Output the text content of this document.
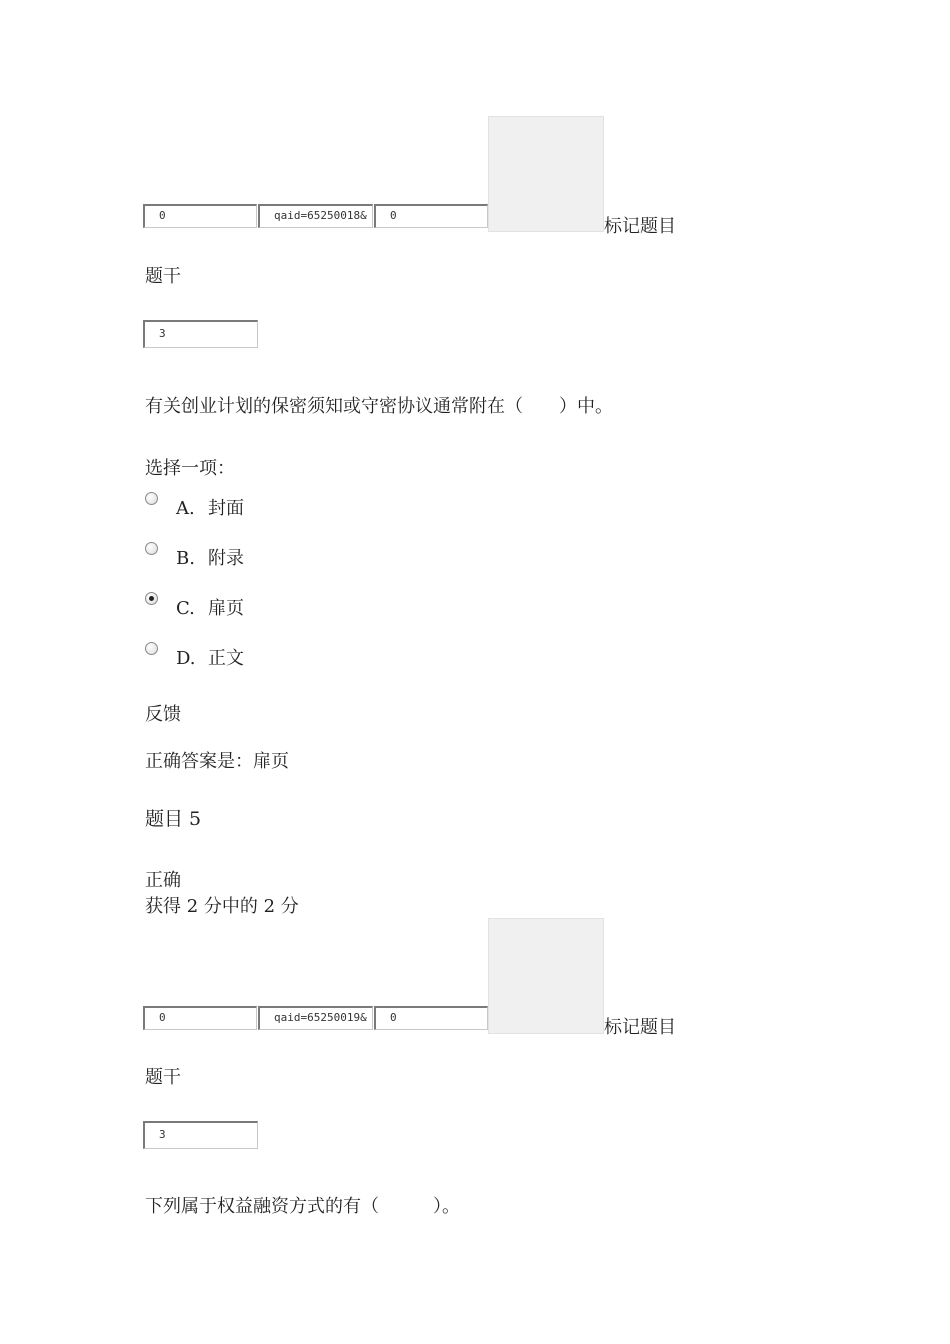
0	qaid=65250018&	0
标记题目
题干
3
有关创业计划的保密须知或守密协议通常附在（　　）中。
选择一项：
A. 封面
B. 附录
C. 扉页
D. 正文
反馈
正确答案是：扉页
题目 5
正确
获得 2 分中的 2 分
0	qaid=65250019&	0	标记题目
题干
3
下列属于权益融资方式的有（　　　）。
